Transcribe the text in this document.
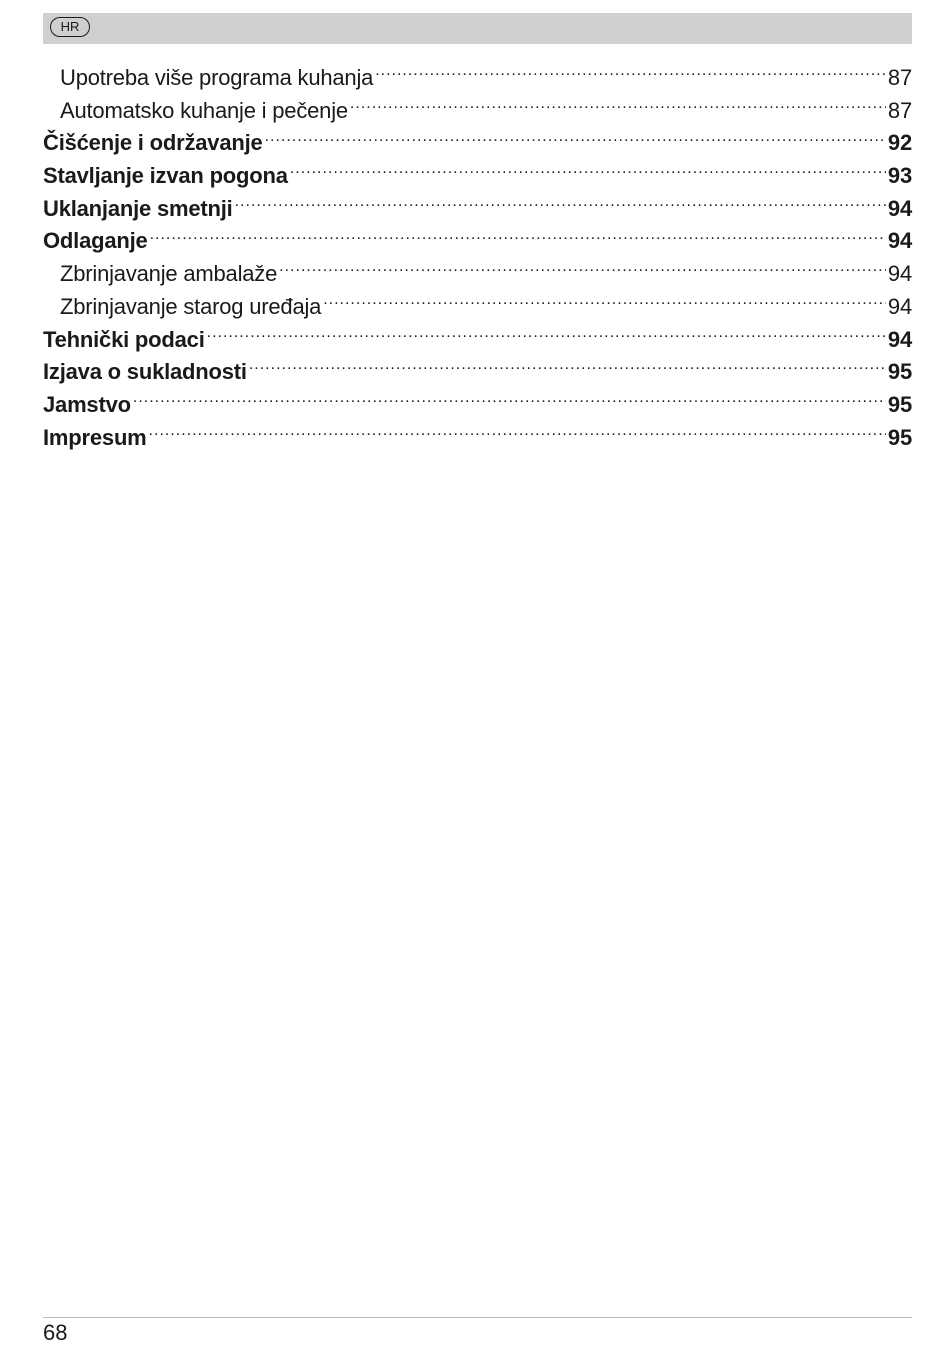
HR
Upotreba više programa kuhanja .....	87
Automatsko kuhanje i pečenje .....	87
Čišćenje i održavanje .....	92
Stavljanje izvan pogona .....	93
Uklanjanje smetnji .....	94
Odlaganje .....	94
Zbrinjavanje ambalaže .....	94
Zbrinjavanje starog uređaja .....	94
Tehnički podaci .....	94
Izjava o sukladnosti .....	95
Jamstvo .....	95
Impresum .....	95
68
